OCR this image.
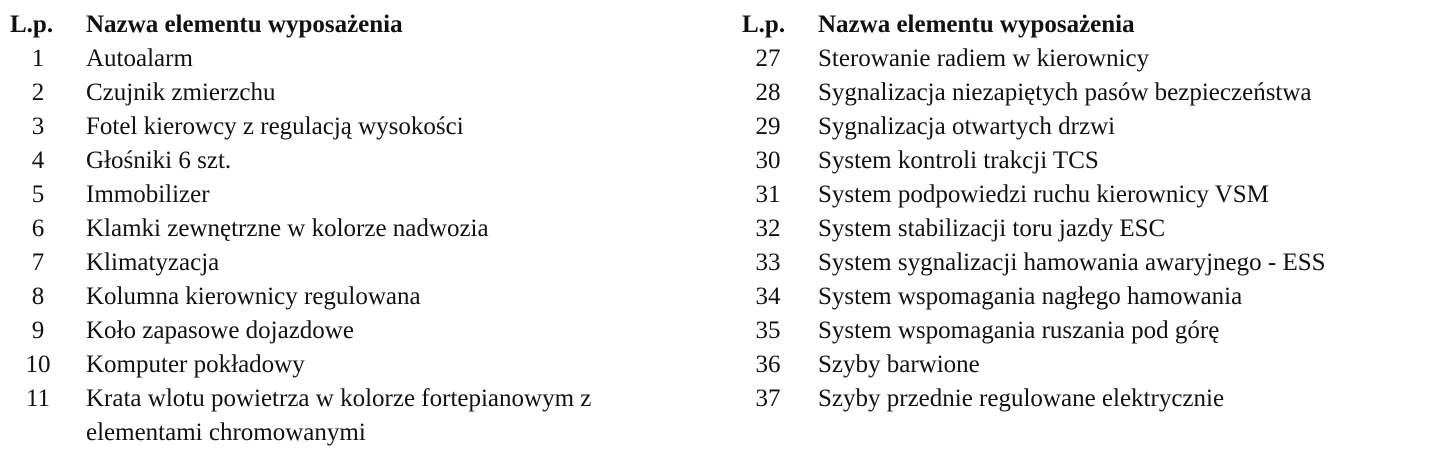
L.p.	Nazwa elementu wyposażenia
1	Autoalarm
2	Czujnik zmierzchu
3	Fotel kierowcy z regulacją wysokości
4	Głośniki 6 szt.
5	Immobilizer
6	Klamki zewnętrzne w kolorze nadwozia
7	Klimatyzacja
8	Kolumna kierownicy regulowana
9	Koło zapasowe dojazdowe
10	Komputer pokładowy
11	Krata wlotu powietrza w kolorze fortepianowym z
elementami chromowanymi
L.p.	Nazwa elementu wyposażenia
27	Sterowanie radiem w kierownicy
28	Sygnalizacja niezapiętych pasów bezpieczeństwa
29	Sygnalizacja otwartych drzwi
30	System kontroli trakcji TCS
31	System podpowiedzi ruchu kierownicy VSM
32	System stabilizacji toru jazdy ESC
33	System sygnalizacji hamowania awaryjnego - ESS
34	System wspomagania nagłego hamowania
35	System wspomagania ruszania pod górę
36	Szyby barwione
37	Szyby przednie regulowane elektrycznie
